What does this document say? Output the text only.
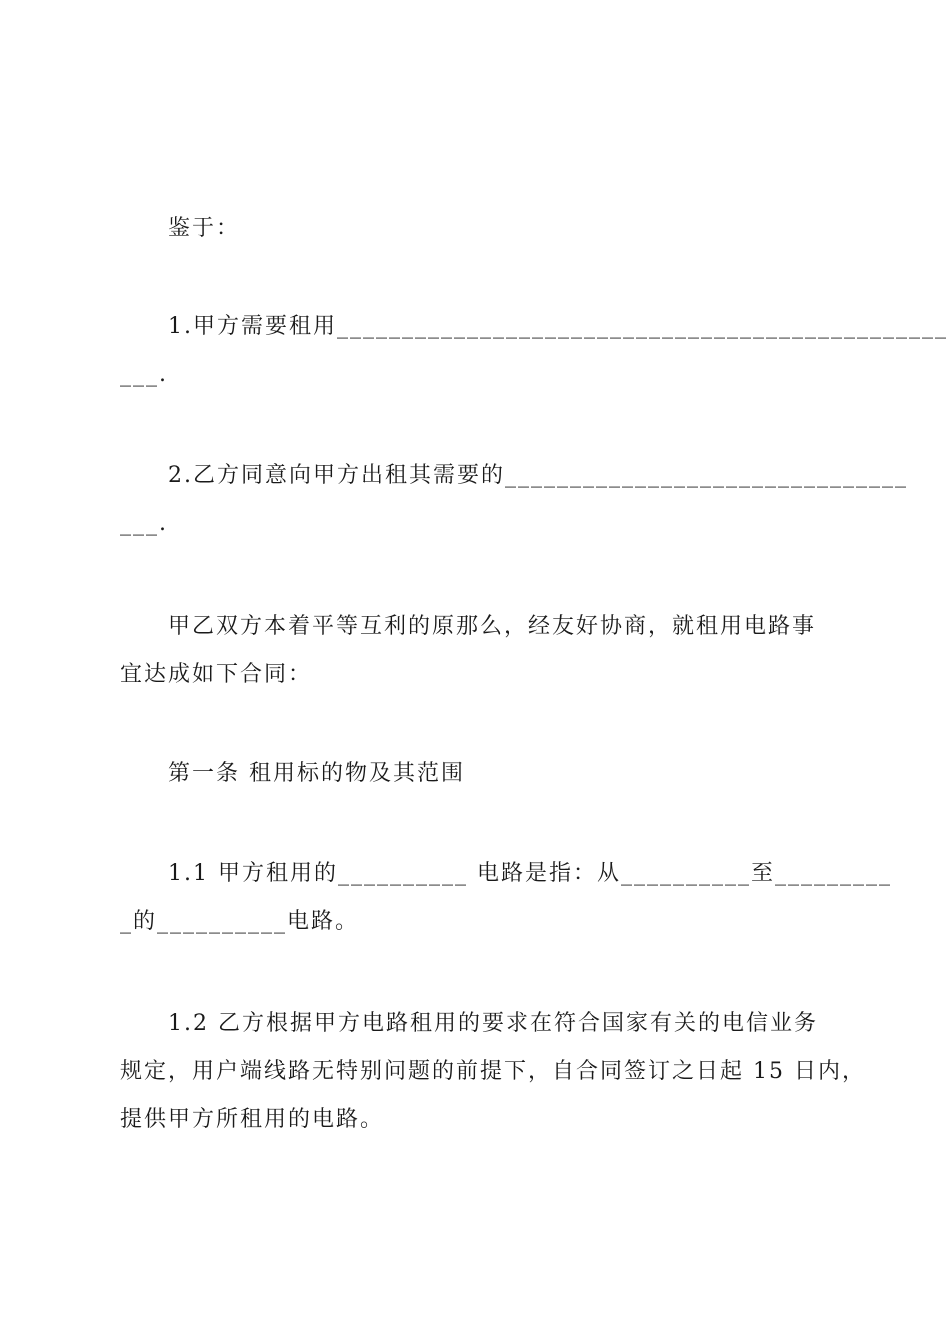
鉴于：
1.甲方需要租用_______________________________________________
___.
2.乙方同意向甲方出租其需要的_______________________________
___.
甲乙双方本着平等互利的原那么，经友好协商，就租用电路事
宜达成如下合同：
第一条 租用标的物及其范围
1.1 甲方租用的__________ 电路是指：从__________至_________
_的__________电路。
1.2 乙方根据甲方电路租用的要求在符合国家有关的电信业务
规定，用户端线路无特别问题的前提下，自合同签订之日起 15 日内，
提供甲方所租用的电路。
